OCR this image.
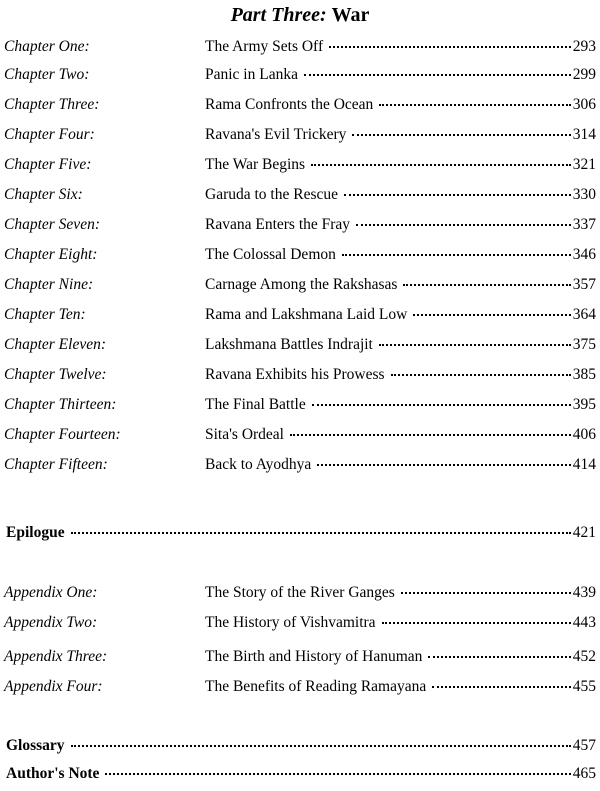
Part Three: War
Chapter One:	The Army Sets Off	293
Chapter Two:	Panic in Lanka	299
Chapter Three:	Rama Confronts the Ocean	306
Chapter Four:	Ravana's Evil Trickery	314
Chapter Five:	The War Begins	321
Chapter Six:	Garuda to the Rescue	330
Chapter Seven:	Ravana Enters the Fray	337
Chapter Eight:	The Colossal Demon	346
Chapter Nine:	Carnage Among the Rakshasas	357
Chapter Ten:	Rama and Lakshmana Laid Low	364
Chapter Eleven:	Lakshmana Battles Indrajit	375
Chapter Twelve:	Ravana Exhibits his Prowess	385
Chapter Thirteen:	The Final Battle	395
Chapter Fourteen:	Sita's Ordeal	406
Chapter Fifteen:	Back to Ayodhya	414
Epilogue	421
Appendix One:	The Story of the River Ganges	439
Appendix Two:	The History of Vishvamitra	443
Appendix Three:	The Birth and History of Hanuman	452
Appendix Four:	The Benefits of Reading Ramayana	455
Glossary	457
Author's Note	465
